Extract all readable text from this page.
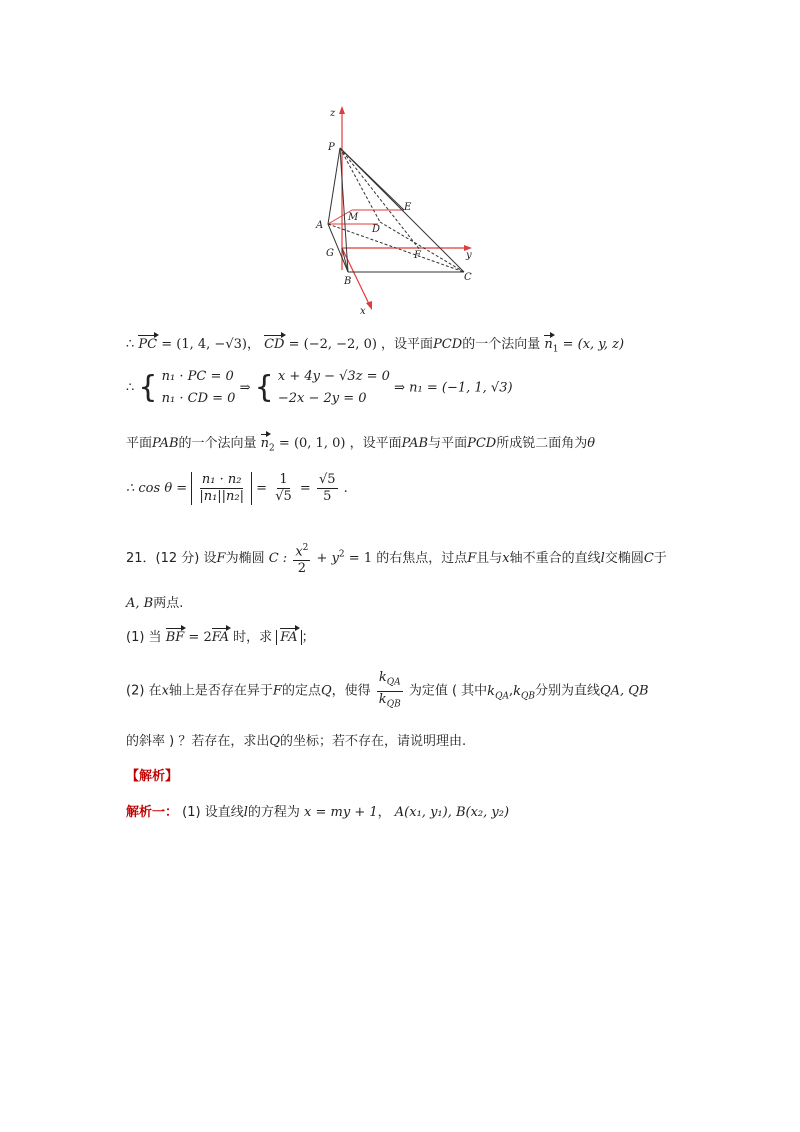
z
P
A
M
E
D
G	F	y
B	C
x
∴ PC = (1, 4, −√3)， CD = (−2, −2, 0) ，设平面PCD的一个法向量 $n_1 = (x$, y, z)
∴ { n₁ · PC = 0
n₁ · CD = 0
⇒ { x + 4y − √3z = 0
−2x − 2y = 0
⇒ n₁ = (−1, 1, √3)
平面PAB的一个法向量 $n_2 = (0$, 1, 0) ，设平面PAB与平面PCD所成锐二面角为θ
∴ $\cos \theta = \frac{\text{n₁ · n₂}}{\text{|n₁||n₂|}} = \frac{1}{√5} = \frac{√5}{5}$ .
21．(12 分) 设F为椭圆 C : $\frac{x^2}{2} + y^2 = 1$ 的右焦点，过点F且与x轴不重合的直线l交椭圆C于
A, B两点.
(1) 当 BF = 2FA 时，求 FA ；
(2) 在x轴上是否存在异于F的定点Q，使得 $\frac{k_{QA}}{k_{QB}}$ 为定值 ( 其中$k_{QA},k_{QB}$分别为直线QA, QB
的斜率 ) ？若存在，求出Q的坐标；若不存在，请说明理由.
【解析】
解析一： (1) 设直线l的方程为 x = my + 1， A(x₁, y₁), B(x₂, y₂)
